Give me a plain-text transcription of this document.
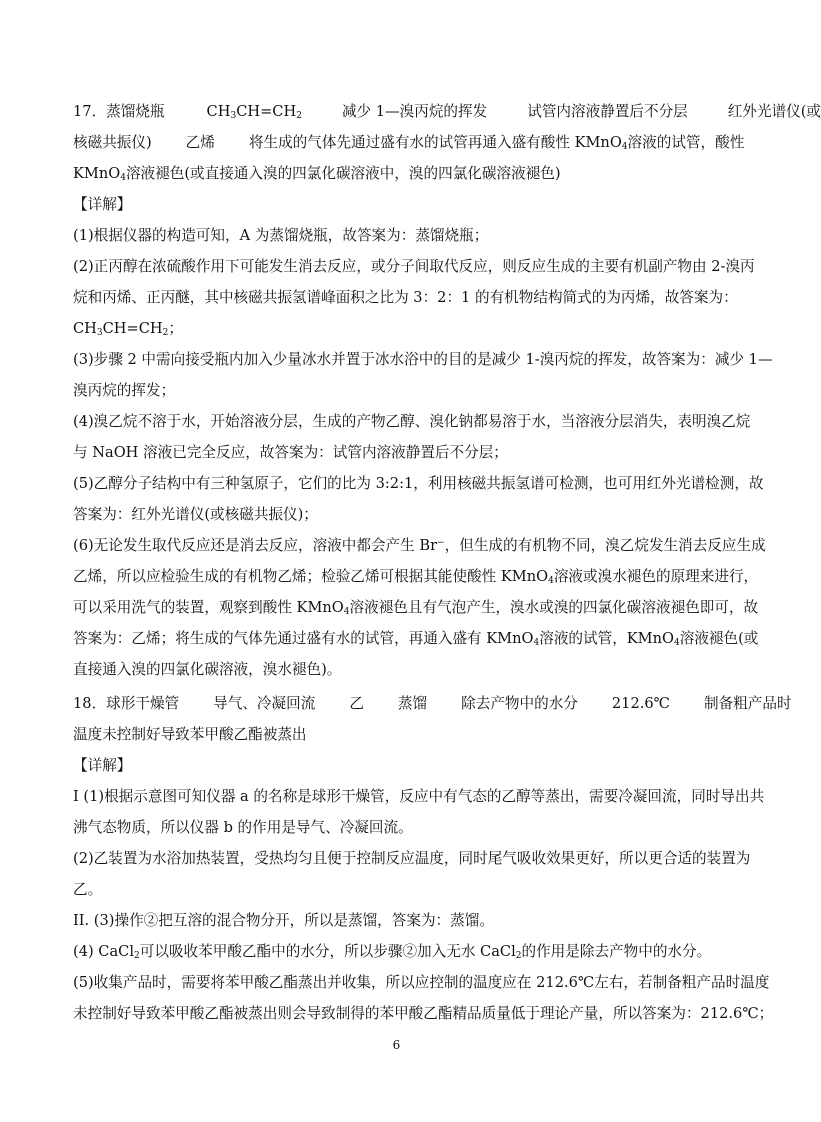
17．蒸馏烧瓶	$CH_3CH=CH_2$	减少 1—溴丙烷的挥发	试管内溶液静置后不分层	红外光谱仪(或
核磁共振仪) 乙烯 将生成的气体先通过盛有水的试管再通入盛有酸性 KMnO$_4$溶液的试管，酸性
KMnO$_4$溶液褪色(或直接通入溴的四氯化碳溶液中，溴的四氯化碳溶液褪色)
【详解】
(1)根据仪器的构造可知，A 为蒸馏烧瓶，故答案为：蒸馏烧瓶；
(2)正丙醇在浓硫酸作用下可能发生消去反应，或分子间取代反应，则反应生成的主要有机副产物由 2-溴丙
烷和丙烯、正丙醚，其中核磁共振氢谱峰面积之比为 3：2：1 的有机物结构简式的为丙烯，故答案为：
$CH_3CH=CH_2$；
(3)步骤 2 中需向接受瓶内加入少量冰水并置于冰水浴中的目的是减少 1-溴丙烷的挥发，故答案为：减少 1—
溴丙烷的挥发；
(4)溴乙烷不溶于水，开始溶液分层，生成的产物乙醇、溴化钠都易溶于水，当溶液分层消失，表明溴乙烷
与 NaOH 溶液已完全反应，故答案为：试管内溶液静置后不分层；
(5)乙醇分子结构中有三种氢原子，它们的比为 3:2:1，利用核磁共振氢谱可检测，也可用红外光谱检测，故
答案为：红外光谱仪(或核磁共振仪)；
(6)无论发生取代反应还是消去反应，溶液中都会产生 Br−，但生成的有机物不同，溴乙烷发生消去反应生成
乙烯，所以应检验生成的有机物乙烯；检验乙烯可根据其能使酸性 KMnO$_4$溶液或溴水褪色的原理来进行，
可以采用洗气的装置，观察到酸性 KMnO$_4$溶液褪色且有气泡产生，溴水或溴的四氯化碳溶液褪色即可，故
答案为：乙烯；将生成的气体先通过盛有水的试管，再通入盛有 KMnO$_4$溶液的试管，KMnO$_4$溶液褪色(或
直接通入溴的四氯化碳溶液，溴水褪色)。
18．球形干燥管 导气、冷凝回流 乙 蒸馏 除去产物中的水分 212.6℃ 制备粗产品时
温度未控制好导致苯甲酸乙酯被蒸出
【详解】
I (1)根据示意图可知仪器 a 的名称是球形干燥管，反应中有气态的乙醇等蒸出，需要冷凝回流，同时导出共
沸气态物质，所以仪器 b 的作用是导气、冷凝回流。
(2)乙装置为水浴加热装置，受热均匀且便于控制反应温度，同时尾气吸收效果更好，所以更合适的装置为
乙。
II. (3)操作②把互溶的混合物分开，所以是蒸馏，答案为：蒸馏。
(4) CaCl$_2$可以吸收苯甲酸乙酯中的水分，所以步骤②加入无水 CaCl$_2$的作用是除去产物中的水分。
(5)收集产品时，需要将苯甲酸乙酯蒸出并收集，所以应控制的温度应在 212.6℃左右，若制备粗产品时温度
未控制好导致苯甲酸乙酯被蒸出则会导致制得的苯甲酸乙酯精品质量低于理论产量，所以答案为：212.6℃；
6
